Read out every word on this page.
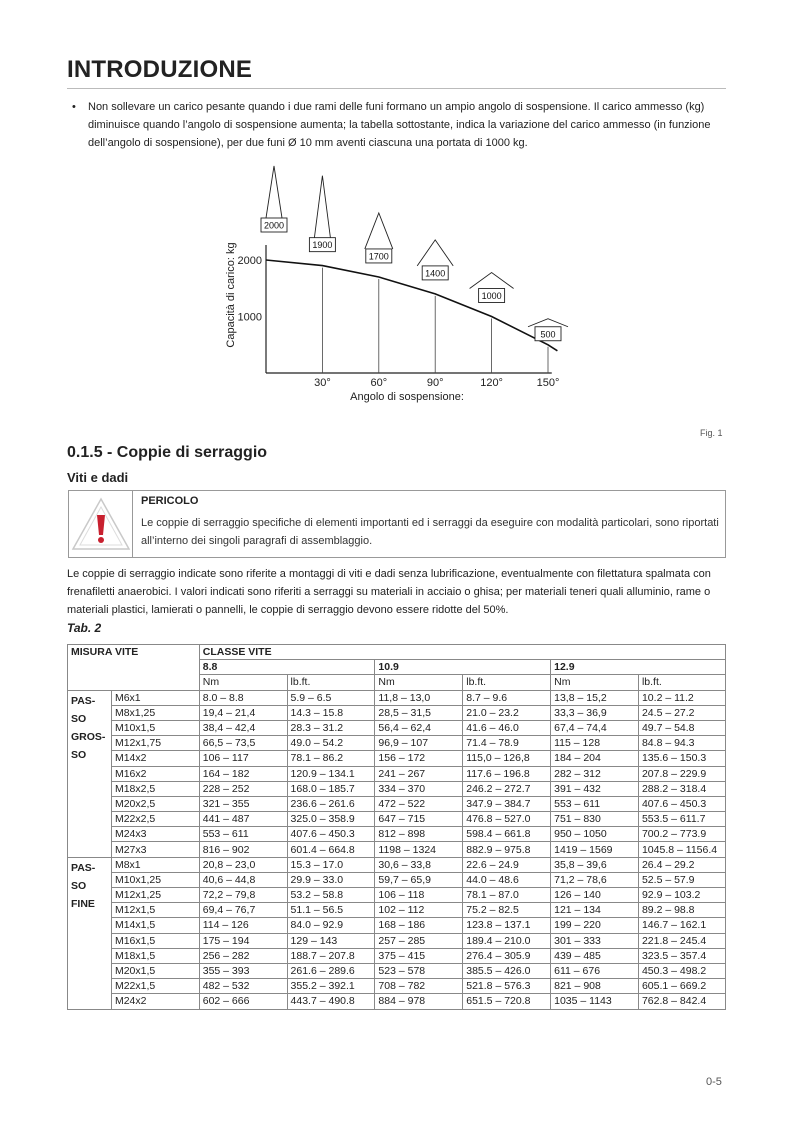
INTRODUZIONE
• Non sollevare un carico pesante quando i due rami delle funi formano un ampio angolo di sospensione. Il carico ammesso (kg) diminuisce quando l’angolo di sospensione aumenta; la tabella sottostante, indica la variazione del carico ammesso (in funzione dell’angolo di sospensione), per due funi Ø 10 mm aventi ciascuna una portata di 1000 kg.
2000
1000
Capacità di carico: kg
30°	60°	90°	120°	150°
Angolo di sospensione:
2000
1900
1700
1400
1000
500
Fig. 1
0.1.5 - Coppie di serraggio
Viti e dadi
PERICOLO
Le coppie di serraggio specifiche di elementi importanti ed i serraggi da eseguire con modalità particolari, sono riportati all’interno dei singoli paragrafi di assemblaggio.
Le coppie di serraggio indicate sono riferite a montaggi di viti e dadi senza lubrificazione, eventualmente con filettatura spalmata con frenafiletti anaerobici. I valori indicati sono riferiti a serraggi su materiali in acciaio o ghisa; per materiali teneri quali alluminio, rame o materiali plastici, lamierati o pannelli, le coppie di serraggio devono essere ridotte del 50%.
Tab. 2
MISURA VITE		CLASSE VITE					
		8.8		10.9		12.9	
		Nm	lb.ft.	Nm	lb.ft.	Nm	lb.ft.
PAS-
SO
GROS-
SO	M6x1	8.0 – 8.8	5.9 – 6.5	11,8 – 13,0	8.7 – 9.6	13,8 – 15,2	10.2 – 11.2
	M8x1,25	19,4 – 21,4	14.3 – 15.8	28,5 – 31,5	21.0 – 23.2	33,3 – 36,9	24.5 – 27.2
	M10x1,5	38,4 – 42,4	28.3 – 31.2	56,4 – 62,4	41.6 – 46.0	67,4 – 74,4	49.7 – 54.8
	M12x1,75	66,5 – 73,5	49.0 – 54.2	96,9 – 107	71.4 – 78.9	115 – 128	84.8 – 94.3
	M14x2	106 – 117	78.1 – 86.2	156 – 172	115,0 – 126,8	184 – 204	135.6 – 150.3
	M16x2	164 – 182	120.9 – 134.1	241 – 267	117.6 – 196.8	282 – 312	207.8 – 229.9
	M18x2,5	228 – 252	168.0 – 185.7	334 – 370	246.2 – 272.7	391 – 432	288.2 – 318.4
	M20x2,5	321 – 355	236.6 – 261.6	472 – 522	347.9 – 384.7	553 – 611	407.6 – 450.3
	M22x2,5	441 – 487	325.0 – 358.9	647 – 715	476.8 – 527.0	751 – 830	553.5 – 611.7
	M24x3	553 – 611	407.6 – 450.3	812 – 898	598.4 – 661.8	950 – 1050	700.2 – 773.9
	M27x3	816 – 902	601.4 – 664.8	1198 – 1324	882.9 – 975.8	1419 – 1569	1045.8 – 1156.4
PAS-
SO
FINE	M8x1	20,8 – 23,0	15.3 – 17.0	30,6 – 33,8	22.6 – 24.9	35,8 – 39,6	26.4 – 29.2
	M10x1,25	40,6 – 44,8	29.9 – 33.0	59,7 – 65,9	44.0 – 48.6	71,2 – 78,6	52.5 – 57.9
	M12x1,25	72,2 – 79,8	53.2 – 58.8	106 – 118	78.1 – 87.0	126 – 140	92.9 – 103.2
	M12x1,5	69,4 – 76,7	51.1 – 56.5	102 – 112	75.2 – 82.5	121 – 134	89.2 – 98.8
	M14x1,5	114 – 126	84.0 – 92.9	168 – 186	123.8 – 137.1	199 – 220	146.7 – 162.1
	M16x1,5	175 – 194	129 – 143	257 – 285	189.4 – 210.0	301 – 333	221.8 – 245.4
	M18x1,5	256 – 282	188.7 – 207.8	375 – 415	276.4 – 305.9	439 – 485	323.5 – 357.4
	M20x1,5	355 – 393	261.6 – 289.6	523 – 578	385.5 – 426.0	611 – 676	450.3 – 498.2
	M22x1,5	482 – 532	355.2 – 392.1	708 – 782	521.8 – 576.3	821 – 908	605.1 – 669.2
	M24x2	602 – 666	443.7 – 490.8	884 – 978	651.5 – 720.8	1035 – 1143	762.8 – 842.4
0-5
